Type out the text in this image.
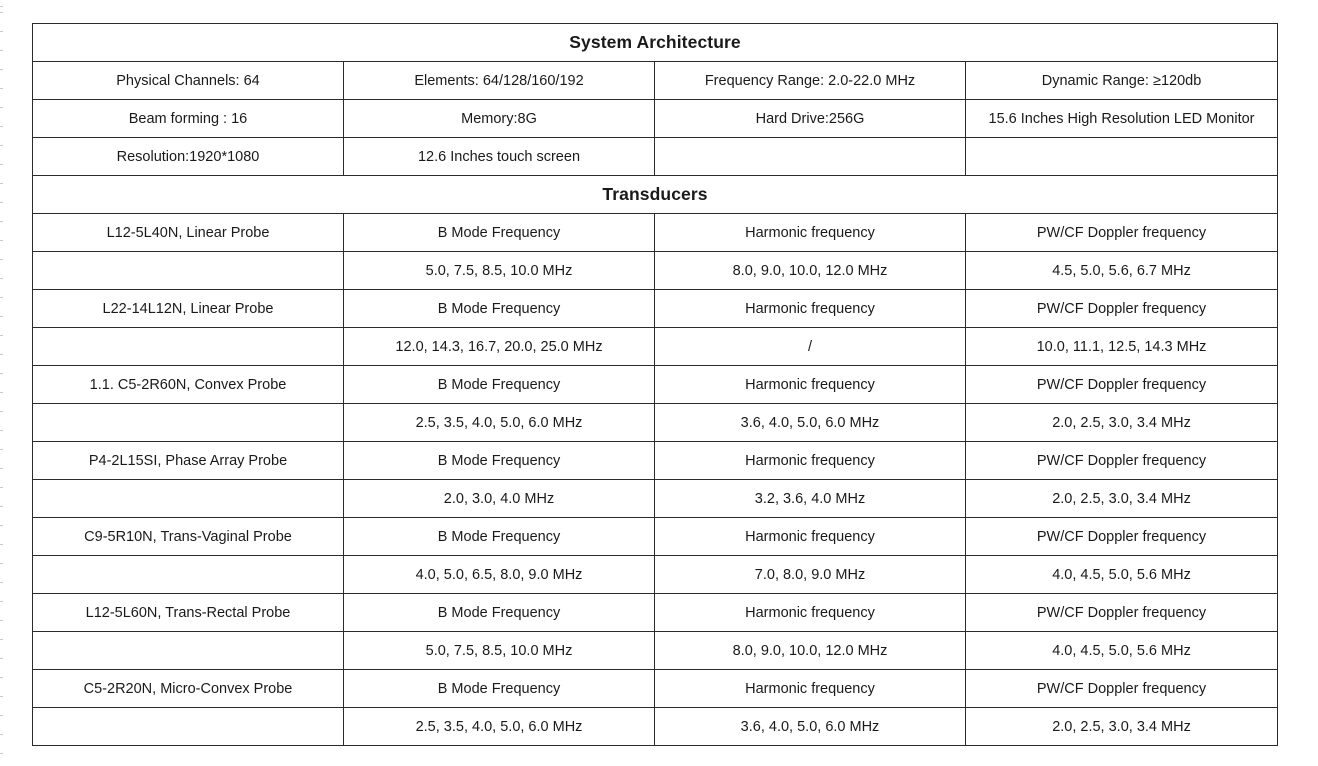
System Architecture			
Physical Channels: 64	Elements: 64/128/160/192	Frequency Range: 2.0-22.0 MHz	Dynamic Range: ≥120db
Beam forming : 16	Memory:8G	Hard Drive:256G	15.6 Inches High Resolution LED Monitor
Resolution:1920*1080	12.6 Inches touch screen		
Transducers			
L12-5L40N, Linear Probe	B Mode Frequency	Harmonic frequency	PW/CF Doppler frequency
	5.0, 7.5, 8.5, 10.0 MHz	8.0, 9.0, 10.0, 12.0 MHz	4.5, 5.0, 5.6, 6.7 MHz
L22-14L12N, Linear Probe	B Mode Frequency	Harmonic frequency	PW/CF Doppler frequency
	12.0, 14.3, 16.7, 20.0, 25.0 MHz	/	10.0, 11.1, 12.5, 14.3 MHz
1.1. C5-2R60N, Convex Probe	B Mode Frequency	Harmonic frequency	PW/CF Doppler frequency
	2.5, 3.5, 4.0, 5.0, 6.0 MHz	3.6, 4.0, 5.0, 6.0 MHz	2.0, 2.5, 3.0, 3.4 MHz
P4-2L15SI, Phase Array Probe	B Mode Frequency	Harmonic frequency	PW/CF Doppler frequency
	2.0, 3.0, 4.0 MHz	3.2, 3.6, 4.0 MHz	2.0, 2.5, 3.0, 3.4 MHz
C9-5R10N, Trans-Vaginal Probe	B Mode Frequency	Harmonic frequency	PW/CF Doppler frequency
	4.0, 5.0, 6.5, 8.0, 9.0 MHz	7.0, 8.0, 9.0 MHz	4.0, 4.5, 5.0, 5.6 MHz
L12-5L60N, Trans-Rectal Probe	B Mode Frequency	Harmonic frequency	PW/CF Doppler frequency
	5.0, 7.5, 8.5, 10.0 MHz	8.0, 9.0, 10.0, 12.0 MHz	4.0, 4.5, 5.0, 5.6 MHz
C5-2R20N, Micro-Convex Probe	B Mode Frequency	Harmonic frequency	PW/CF Doppler frequency
	2.5, 3.5, 4.0, 5.0, 6.0 MHz	3.6, 4.0, 5.0, 6.0 MHz	2.0, 2.5, 3.0, 3.4 MHz
